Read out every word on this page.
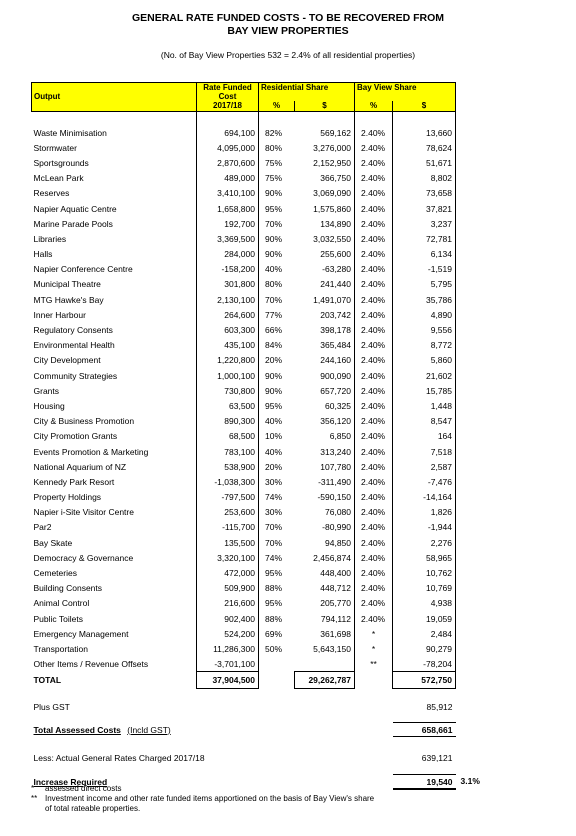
GENERAL RATE FUNDED COSTS - TO BE RECOVERED FROM
BAY VIEW PROPERTIES
(No. of Bay View Properties 532 = 2.4% of all residential properties)
Output	Rate Funded Cost	Residential Share		Bay View Share	

	2017/18	%	$	%	$

Waste Minimisation	694,100	82%	569,162	2.40%	13,660
Stormwater	4,095,000	80%	3,276,000	2.40%	78,624
Sportsgrounds	2,870,600	75%	2,152,950	2.40%	51,671
McLean Park	489,000	75%	366,750	2.40%	8,802
Reserves	3,410,100	90%	3,069,090	2.40%	73,658
Napier Aquatic Centre	1,658,800	95%	1,575,860	2.40%	37,821
Marine Parade Pools	192,700	70%	134,890	2.40%	3,237
Libraries	3,369,500	90%	3,032,550	2.40%	72,781
Halls	284,000	90%	255,600	2.40%	6,134
Napier Conference Centre	-158,200	40%	-63,280	2.40%	-1,519
Municipal Theatre	301,800	80%	241,440	2.40%	5,795
MTG Hawke's Bay	2,130,100	70%	1,491,070	2.40%	35,786
Inner Harbour	264,600	77%	203,742	2.40%	4,890
Regulatory Consents	603,300	66%	398,178	2.40%	9,556
Environmental Health	435,100	84%	365,484	2.40%	8,772
City Development	1,220,800	20%	244,160	2.40%	5,860
Community Strategies	1,000,100	90%	900,090	2.40%	21,602
Grants	730,800	90%	657,720	2.40%	15,785
Housing	63,500	95%	60,325	2.40%	1,448
City & Business Promotion	890,300	40%	356,120	2.40%	8,547
City Promotion Grants	68,500	10%	6,850	2.40%	164
Events Promotion & Marketing	783,100	40%	313,240	2.40%	7,518
National Aquarium of NZ	538,900	20%	107,780	2.40%	2,587
Kennedy Park Resort	-1,038,300	30%	-311,490	2.40%	-7,476
Property Holdings	-797,500	74%	-590,150	2.40%	-14,164
Napier i-Site Visitor Centre	253,600	30%	76,080	2.40%	1,826
Par2	-115,700	70%	-80,990	2.40%	-1,944
Bay Skate	135,500	70%	94,850	2.40%	2,276
Democracy & Governance	3,320,100	74%	2,456,874	2.40%	58,965
Cemeteries	472,000	95%	448,400	2.40%	10,762
Building Consents	509,900	88%	448,712	2.40%	10,769
Animal Control	216,600	95%	205,770	2.40%	4,938
Public Toilets	902,400	88%	794,112	2.40%	19,059
Emergency Management	524,200	69%	361,698	*	2,484
Transportation	11,286,300	50%	5,643,150	*	90,279
Other Items / Revenue Offsets	-3,701,100			**	-78,204
TOTAL	37,904,500		29,262,787		572,750

Plus GST					85,912

Total Assessed Costs (Incld GST)					658,661

Less: Actual General Rates Charged 2017/18					639,121

Increase Required					19,540 3.1%
* assessed direct costs
** Investment income and other rate funded items apportioned on the basis of Bay View's share
of total rateable properties.
